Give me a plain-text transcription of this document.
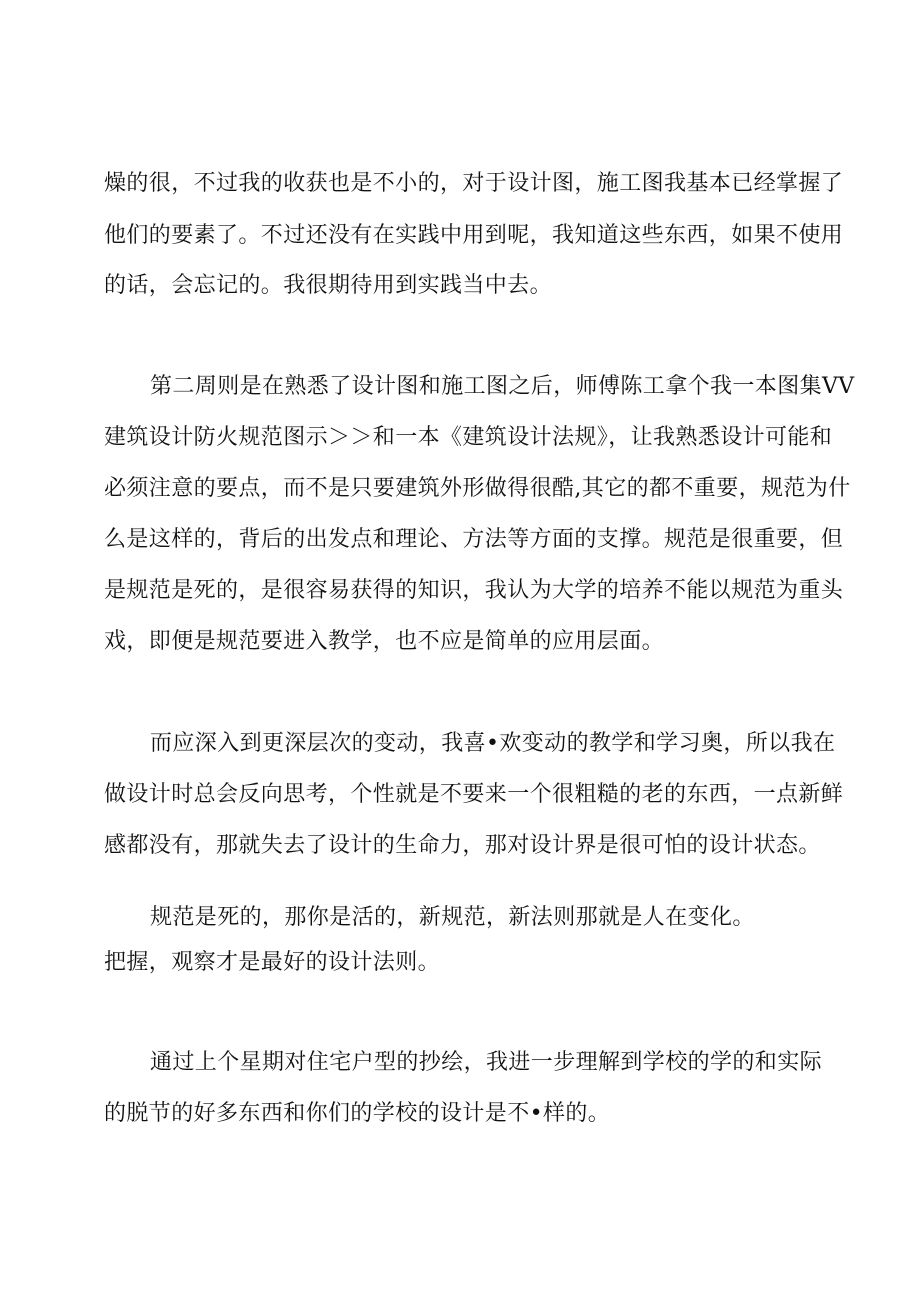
燥的很，不过我的收获也是不小的，对于设计图，施工图我基本已经掌握了
他们的要素了。不过还没有在实践中用到呢，我知道这些东西，如果不使用
的话，会忘记的。我很期待用到实践当中去。
第二周则是在熟悉了设计图和施工图之后，师傅陈工拿个我一本图集VV
建筑设计防火规范图示＞＞和一本《建筑设计法规》，让我熟悉设计可能和
必须注意的要点，而不是只要建筑外形做得很酷,其它的都不重要，规范为什
么是这样的，背后的出发点和理论、方法等方面的支撑。规范是很重要，但
是规范是死的，是很容易获得的知识，我认为大学的培养不能以规范为重头
戏，即便是规范要进入教学，也不应是简单的应用层面。
而应深入到更深层次的变动，我喜•欢变动的教学和学习奥，所以我在
做设计时总会反向思考，个性就是不要来一个很粗糙的老的东西，一点新鲜
感都没有，那就失去了设计的生命力，那对设计界是很可怕的设计状态。
规范是死的，那你是活的，新规范，新法则那就是人在变化。
把握，观察才是最好的设计法则。
通过上个星期对住宅户型的抄绘，我进一步理解到学校的学的和实际
的脱节的好多东西和你们的学校的设计是不•样的。
